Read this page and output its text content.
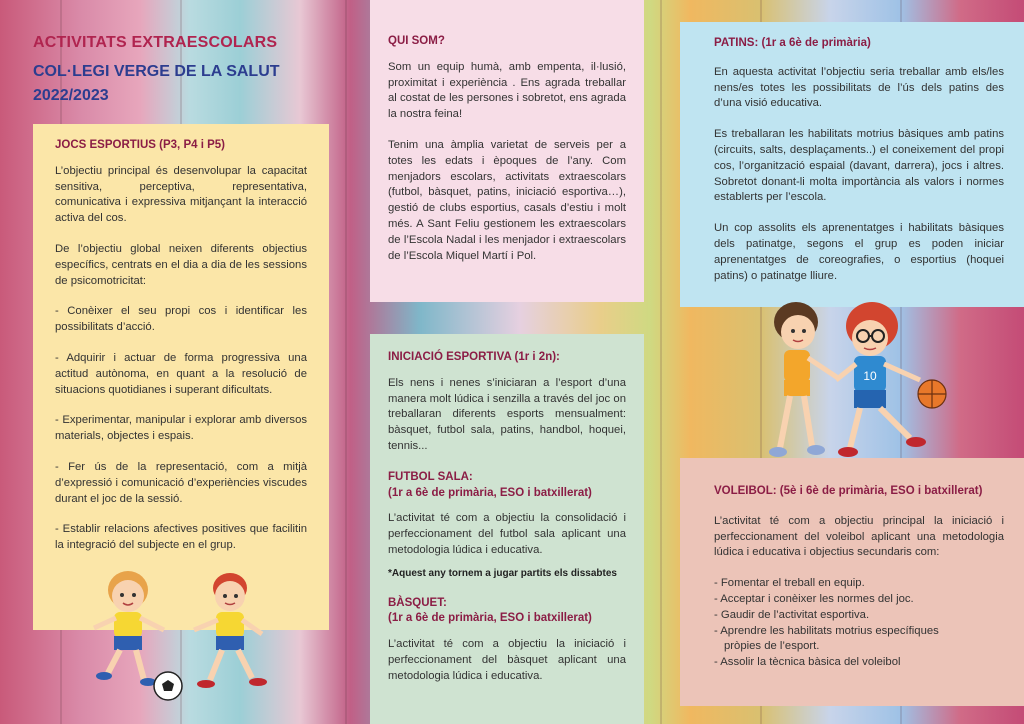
ACTIVITATS EXTRAESCOLARS
COL·LEGI VERGE DE LA SALUT
2022/2023
JOCS ESPORTIUS (P3, P4 i P5)

L’objectiu principal és desenvolupar la capacitat sensitiva, perceptiva, representativa, comunicativa i expressiva mitjançant la interacció activa del cos.

De l’objectiu global neixen diferents objectius específics, centrats en el dia a dia de les sessions de psicomotricitat:

- Conèixer el seu propi cos i identificar les possibilitats d’acció.

- Adquirir i actuar de forma progressiva una actitud autònoma, en quant a la resolució de situacions quotidianes i superant dificultats.

- Experimentar, manipular i explorar amb diversos materials, objectes i espais.

- Fer ús de la representació, com a mitjà d’expressió i comunicació d’experiències viscudes durant el joc de la sessió.

- Establir relacions afectives positives que facilitin la integració del subjecte en el grup.

QUI SOM?

Som un equip humà, amb empenta, il·lusió, proximitat i experiència . Ens agrada treballar al costat de les persones i sobretot, ens agrada la nostra feina!

Tenim una àmplia varietat de serveis per a totes les edats i èpoques de l’any. Com menjadors escolars, activitats extraescolars (futbol, bàsquet, patins, iniciació esportiva…), gestió de clubs esportius, casals d’estiu i molt més. A Sant Feliu gestionem les extraescolars de l’Escola Nadal i les menjador i extraescolars de l’Escola Miquel Martí i Pol.

INICIACIÓ ESPORTIVA (1r i 2n):

Els nens i nenes s’iniciaran a l’esport d’una manera molt lúdica i senzilla a través del joc on treballaran diferents esports mensualment: bàsquet, futbol sala, patins, handbol, hoquei, tennis...

FUTBOL SALA:
(1r a 6è de primària, ESO i batxillerat)

L’activitat té com a objectiu la consolidació i perfeccionament del futbol sala aplicant una metodologia lúdica i educativa.

*Aquest any tornem a jugar partits els dissabtes
BÀSQUET:
(1r a 6è de primària, ESO i batxillerat)

L’activitat té com a objectiu la iniciació i perfeccionament del bàsquet aplicant una metodologia lúdica i educativa.

PATINS: (1r a 6è de primària)

En aquesta activitat l’objectiu seria treballar amb els/les nens/es totes les possibilitats de l’ús dels patins des d’una visió educativa.

Es treballaran les habilitats motrius bàsiques amb patins (circuits, salts, desplaçaments..) el coneixement del propi cos, l’organització espaial (davant, darrera), jocs i altres. Sobretot donant-li molta importància als valors i normes establerts per l’escola.

Un cop assolits els aprenentatges i habilitats bàsiques dels patinatge, segons el grup es poden iniciar aprenentatges de coreografies, o esportius (hoquei patins) o patinatge lliure.

VOLEIBOL: (5è i 6è de primària, ESO i batxillerat)

L’activitat té com a objectiu principal la iniciació i perfeccionament del voleibol aplicant una metodologia lúdica i educativa i objectius secundaris com:

- Fomentar el treball en equip.
- Acceptar i conèixer les normes del joc.
- Gaudir de l’activitat esportiva.
- Aprendre les habilitats motrius específiques
pròpies de l’esport.
- Assolir la tècnica bàsica del voleibol
10
